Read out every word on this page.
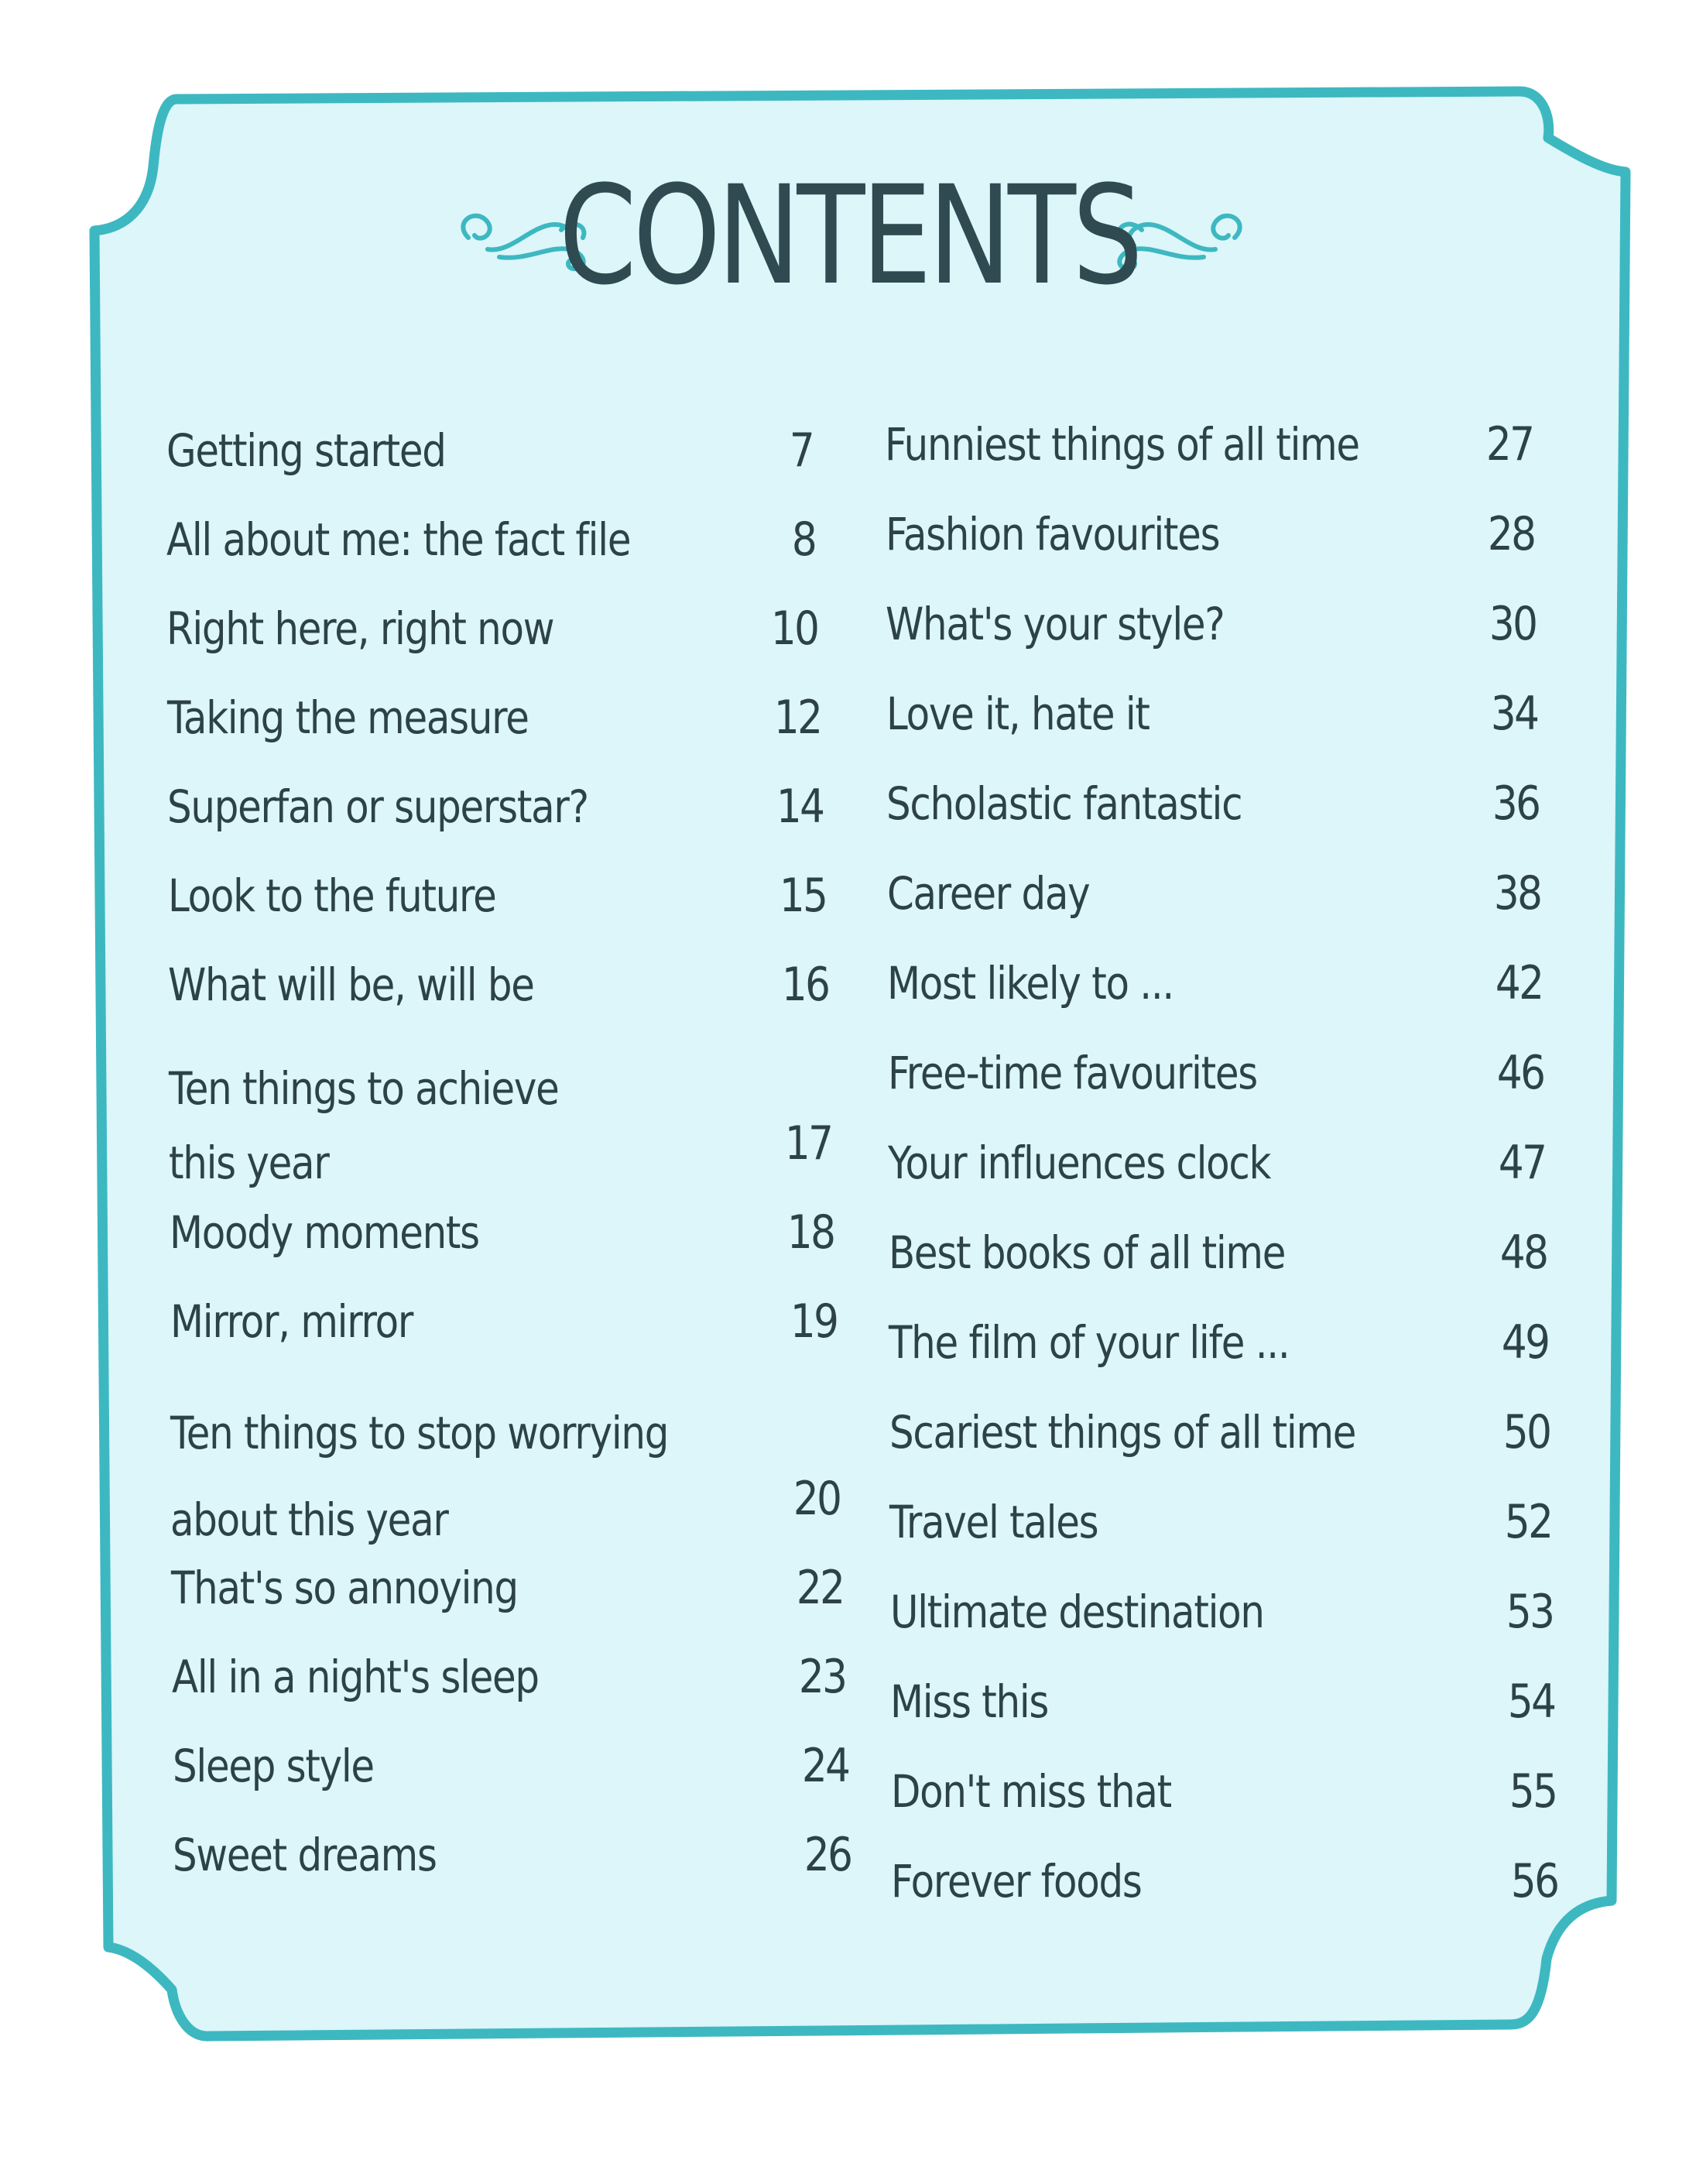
CONTENTS
Getting started	7
All about me: the fact file	8
Right here, right now	10
Taking the measure	12
Superfan or superstar?	14
Look to the future	15
What will be, will be	16
Ten things to achieve
this year	17
Moody moments	18
Mirror, mirror	19
Ten things to stop worrying
about this year	20
That's so annoying	22
All in a night's sleep	23
Sleep style	24
Sweet dreams	26
Funniest things of all time	27
Fashion favourites	28
What's your style?	30
Love it, hate it	34
Scholastic fantastic	36
Career day	38
Most likely to ...	42
Free-time favourites	46
Your influences clock	47
Best books of all time	48
The film of your life ...	49
Scariest things of all time	50
Travel tales	52
Ultimate destination	53
Miss this	54
Don't miss that	55
Forever foods	56
